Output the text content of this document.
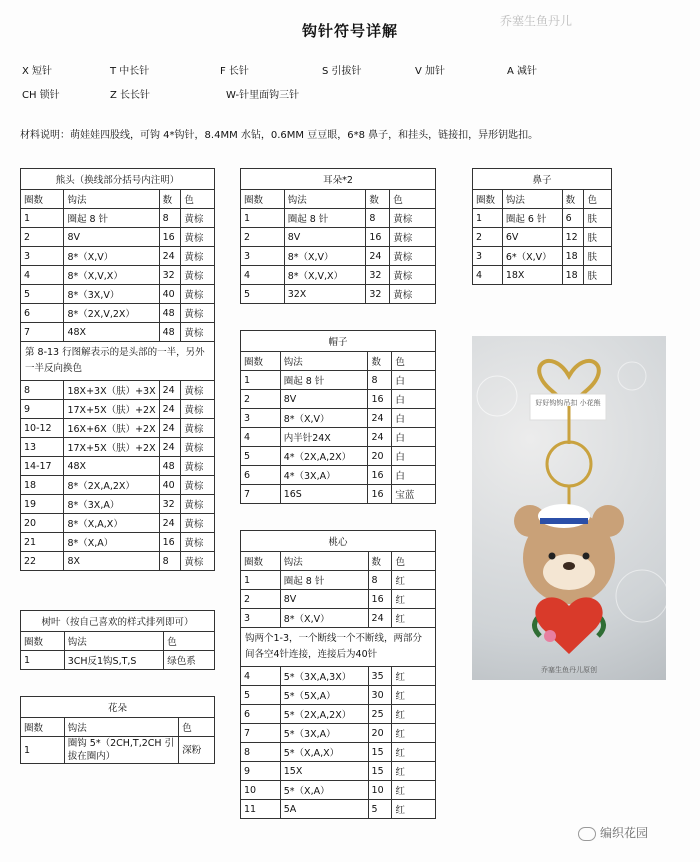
钩针符号详解
乔塞生鱼丹儿
X 短针	T 中长针	F 长针	S 引拔针	V 加针	A 减针
CH 锁针	Z 长长针	W-针里面钩三针
材料说明：萌娃娃四股线，可钩 4*钩针，8.4MM 水钻，0.6MM 豆豆眼，6*8 鼻子，和挂头，链接扣，异形钥匙扣。
熊头（换线部分括号内注明）			
圈数	钩法	数	色
1	圈起 8 针	8	黄棕
2	8V	16	黄棕
3	8*（X,V）	24	黄棕
4	8*（X,V,X）	32	黄棕
5	8*（3X,V）	40	黄棕
6	8*（2X,V,2X）	48	黄棕
7	48X	48	黄棕
第 8-13 行图解表示的是头部的一半，另外一半反向换色			
8	18X+3X（肤）+3X	24	黄棕
9	17X+5X（肤）+2X	24	黄棕
10-12	16X+6X（肤）+2X	24	黄棕
13	17X+5X（肤）+2X	24	黄棕
14-17	48X	48	黄棕
18	8*（2X,A,2X）	40	黄棕
19	8*（3X,A）	32	黄棕
20	8*（X,A,X）	24	黄棕
21	8*（X,A）	16	黄棕
22	8X	8	黄棕
耳朵*2			
圈数	钩法	数	色
1	圈起 8 针	8	黄棕
2	8V	16	黄棕
3	8*（X,V）	24	黄棕
4	8*（X,V,X）	32	黄棕
5	32X	32	黄棕
鼻子			
圈数	钩法	数	色
1	圈起 6 针	6	肤
2	6V	12	肤
3	6*（X,V）	18	肤
4	18X	18	肤
帽子			
圈数	钩法	数	色
1	圈起 8 针	8	白
2	8V	16	白
3	8*（X,V）	24	白
4	内半针24X	24	白
5	4*（2X,A,2X）	20	白
6	4*（3X,A）	16	白
7	16S	16	宝蓝
桃心			
圈数	钩法	数	色
1	圈起 8 针	8	红
2	8V	16	红
3	8*（X,V）	24	红
钩两个1-3，一个断线一个不断线，两部分间各空4针连接，连接后为40针			
4	5*（3X,A,3X）	35	红
5	5*（5X,A）	30	红
6	5*（2X,A,2X）	25	红
7	5*（3X,A）	20	红
8	5*（X,A,X）	15	红
9	15X	15	红
10	5*（X,A）	10	红
11	5A	5	红
树叶（按自己喜欢的样式排列即可）		
圈数	钩法	色
1	3CH反1钩S,T,S	绿色系
花朵		
圈数	钩法	色
1	圈钩 5*（2CH,T,2CH 引拔在圈内）	深粉
好好钩钩吊扣 小花熊
乔塞生鱼丹儿原创
编织花园
